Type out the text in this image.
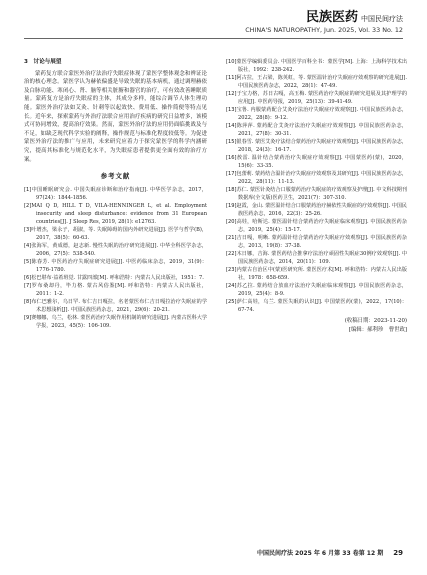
民族医药 中国民间疗法
CHINA'S NATUROPATHY, Jun. 2025, Vol. 33 No. 12
3　讨论与展望

蒙药复方联合蒙医外治疗法治疗失眠症体现了蒙医学整体观念和辨证论治的核心理念。蒙医学认为赫依偏盛是导致失眠的基本病机，通过调理赫依及白脉功能、寒闭心、肾、脑等相关脏腑和器官的治疗，可有效改善睡眠质量。蒙药复方是治疗失眠症的主体，其成分多样，能综合调节人体生理功能。蒙医外治疗法如艾灸、针刺等以起效快、费用低、操作简便等特点见长。近年来，探索蒙药与外治疗法联合应用治疗疾病的研究日益增多，该模式可协同增效，提高治疗效果。然而，蒙医外治疗法的应用仍面临挑战及与不足，如缺乏现代科学实验的阐释，操作规范与标准化程度较低等。为促进蒙医外治疗法的推广与应用，未来研究应着力于探究蒙医学的科学内涵研究，提高其标准化与规范化水平，为失眠症患者提供更全面有效的治疗方案。

参考文献

[1]中国睡眠研究会. 中国失眠症诊断和治疗指南[J]. 中华医学杂志，2017，97(24)：1844-1856.

[2]MAI Q D, HILL T D, VILA-HENNINGER L, et al. Employment insecurity and sleep disturbance: evidence from 31 European countries[J]. J Sleep Res, 2019, 28(1): e12763.

[3]叶增杰，梁永子，胡淑，等. 失眠障碍的国内外研究进展[J]. 医学与哲学(B)，2017，38(5)：60-63.

[4]张海军，黄成德，赵志新. 慢性失眠的治疗研究进展[J]. 中华全科医学杂志，2006，27(5)：538-540.

[5]陈春芳. 中医药治疗失眠症研究进展[J]. 中医药临床杂志，2019，31(9)：1776-1780.

[6]松巴堪布·益希班觉. 甘露四部[M]. 呼和浩特：内蒙古人民出版社，1951：7.

[7]罗布桑却丹，毕力格. 蒙古风俗鉴[M]. 呼和浩特：内蒙古人民出版社，2011：1-2.

[8]布仁巴雅尔，乌日罕. 布仁吉日嘎拉，名老蒙医布仁吉日嘎拉治疗失眠症的学术思想浅析[J]. 中国民族医药杂志，2021，29(6)：20-21.

[9]赛娜娜，乌兰，松林. 蒙医药治疗失眠作用机制的研究进展[J]. 内蒙古医科大学学报，2023，45(5)：106-109.

[10]蒙医学编辑委员会. 中国医学百科全书：蒙医学[M]. 上海：上海科学技术出版社，1992：238-242.

[11]阿古拉，王占梁，陈英虹，等. 蒙医温针治疗失眠症疗效观察的研究进展[J]. 中国民族医药杂志，2022，28(1)：47-49.

[12]于宝力格，苏日古嘎，高玉梅. 蒙医药治疗失眠症的研究进展及其护理学的应用[J]. 中医药导报，2019，25(13)：39-41-49.

[13]宝鲁. 内服蒙药配合艾灸疗法治疗失眠症疗效观察[J]. 中国民族医药杂志，2022，28(8)：9-12.

[14]陈萍萍. 蒙药配合艾灸疗法治疗失眠症疗效观察[J]. 中国民族医药杂志，2021，27(8)：30-31.

[15]银春雪. 蒙医艾灸疗法结合蒙药治疗失眠症疗效观察[J]. 中国民族医药杂志，2018，24(3)：16-17.

[16]敖雷. 温针结合蒙药治疗失眠症疗效观察[J]. 中国蒙医药(蒙)，2020，15(6)：33-35.

[17]包蕾莉. 蒙药结合温针治疗失眠症疗效观察及其研究[J]. 中国民族医药杂志，2022，28(11)：11-13.

[18]苏仁. 蒙医针灸结合口服蒙药治疗失眠症的疗效观察及护理[J]. 中文科技期刊数据库(全文版)医药卫生，2021(7)：307-310.

[19]赵霞，金山. 蒙医温针结合口服蒙药治疗赫依性失眠症的疗效观察[J]. 中国民族医药杂志，2016，22(3)：25-26.

[20]高娃，哈斯达. 蒙医温针结合蒙药治疗失眠症临床观察[J]. 中国民族医药杂志，2019，25(4)：15-17.

[21]吉日嘎，明晰. 蒙药温针结合蒙药治疗失眠症疗效观察[J]. 中国民族医药杂志，2013，19(8)：37-38.

[22]木日娜，吉海. 蒙医药结合推拿疗法治疗顽固性失眠症30例疗效观察[J]. 中国民族医药杂志，2014，20(11)：109.

[23]内蒙古自治区中(蒙)医研究所. 蒙医医疗术[M]. 呼和浩特：内蒙古人民出版社，1978：658-659.

[24]苏乙拉. 蒙药结合放血疗法治疗失眠症临床观察[J]. 中国民族医药杂志，2019，25(4)：8-9.

[25]萨仁高娃，乌兰. 蒙医失眠的认识[J]. 中国蒙医药(蒙)，2022，17(10)：67-74.

(收稿日期：2023-11-20)
[编辑：郝利珍　曹世政]
中国民间疗法 2025 年 6 月第 33 卷第 12 期 29
